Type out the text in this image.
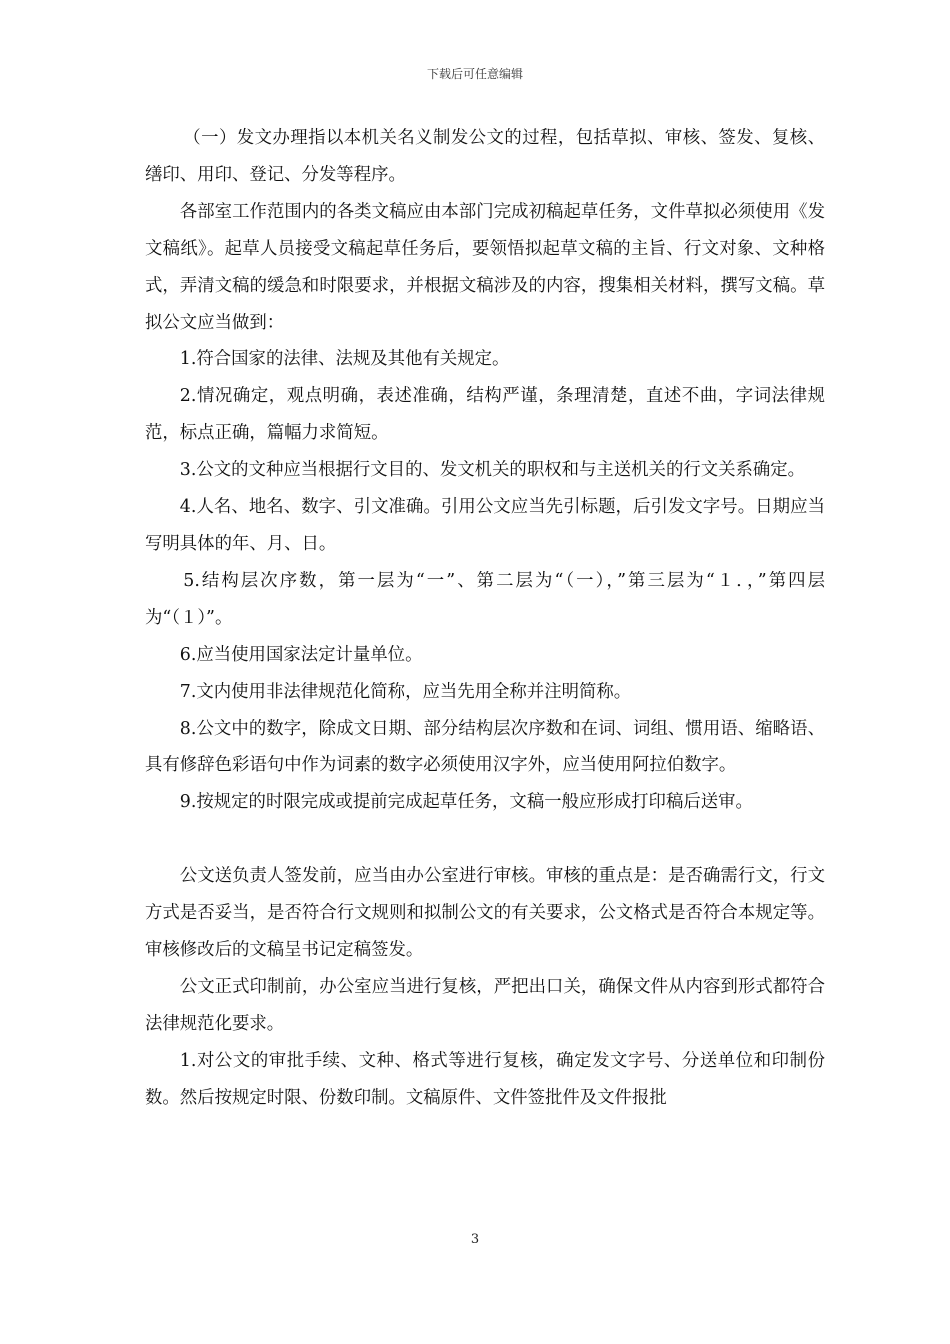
下载后可任意编辑

（一）发文办理指以本机关名义制发公文的过程，包括草拟、审核、签发、复核、缮印、用印、登记、分发等程序。

各部室工作范围内的各类文稿应由本部门完成初稿起草任务，文件草拟必须使用《发文稿纸》。起草人员接受文稿起草任务后，要领悟拟起草文稿的主旨、行文对象、文种格式，弄清文稿的缓急和时限要求，并根据文稿涉及的内容，搜集相关材料，撰写文稿。草拟公文应当做到：

1.符合国家的法律、法规及其他有关规定。

2.情况确定，观点明确，表述准确，结构严谨，条理清楚，直述不曲，字词法律规范，标点正确，篇幅力求简短。

3.公文的文种应当根据行文目的、发文机关的职权和与主送机关的行文关系确定。

4.人名、地名、数字、引文准确。引用公文应当先引标题，后引发文字号。日期应当写明具体的年、月、日。

5.结构层次序数，第一层为“一”、第二层为“（一），”第三层为“１．，”第四层为“（１）”。

6.应当使用国家法定计量单位。

7.文内使用非法律规范化简称，应当先用全称并注明简称。

8.公文中的数字，除成文日期、部分结构层次序数和在词、词组、惯用语、缩略语、具有修辞色彩语句中作为词素的数字必须使用汉字外，应当使用阿拉伯数字。

9.按规定的时限完成或提前完成起草任务，文稿一般应形成打印稿后送审。

公文送负责人签发前，应当由办公室进行审核。审核的重点是：是否确需行文，行文方式是否妥当，是否符合行文规则和拟制公文的有关要求，公文格式是否符合本规定等。审核修改后的文稿呈书记定稿签发。

公文正式印制前，办公室应当进行复核，严把出口关，确保文件从内容到形式都符合法律规范化要求。

1.对公文的审批手续、文种、格式等进行复核，确定发文字号、分送单位和印制份数。然后按规定时限、份数印制。文稿原件、文件签批件及文件报批

3
